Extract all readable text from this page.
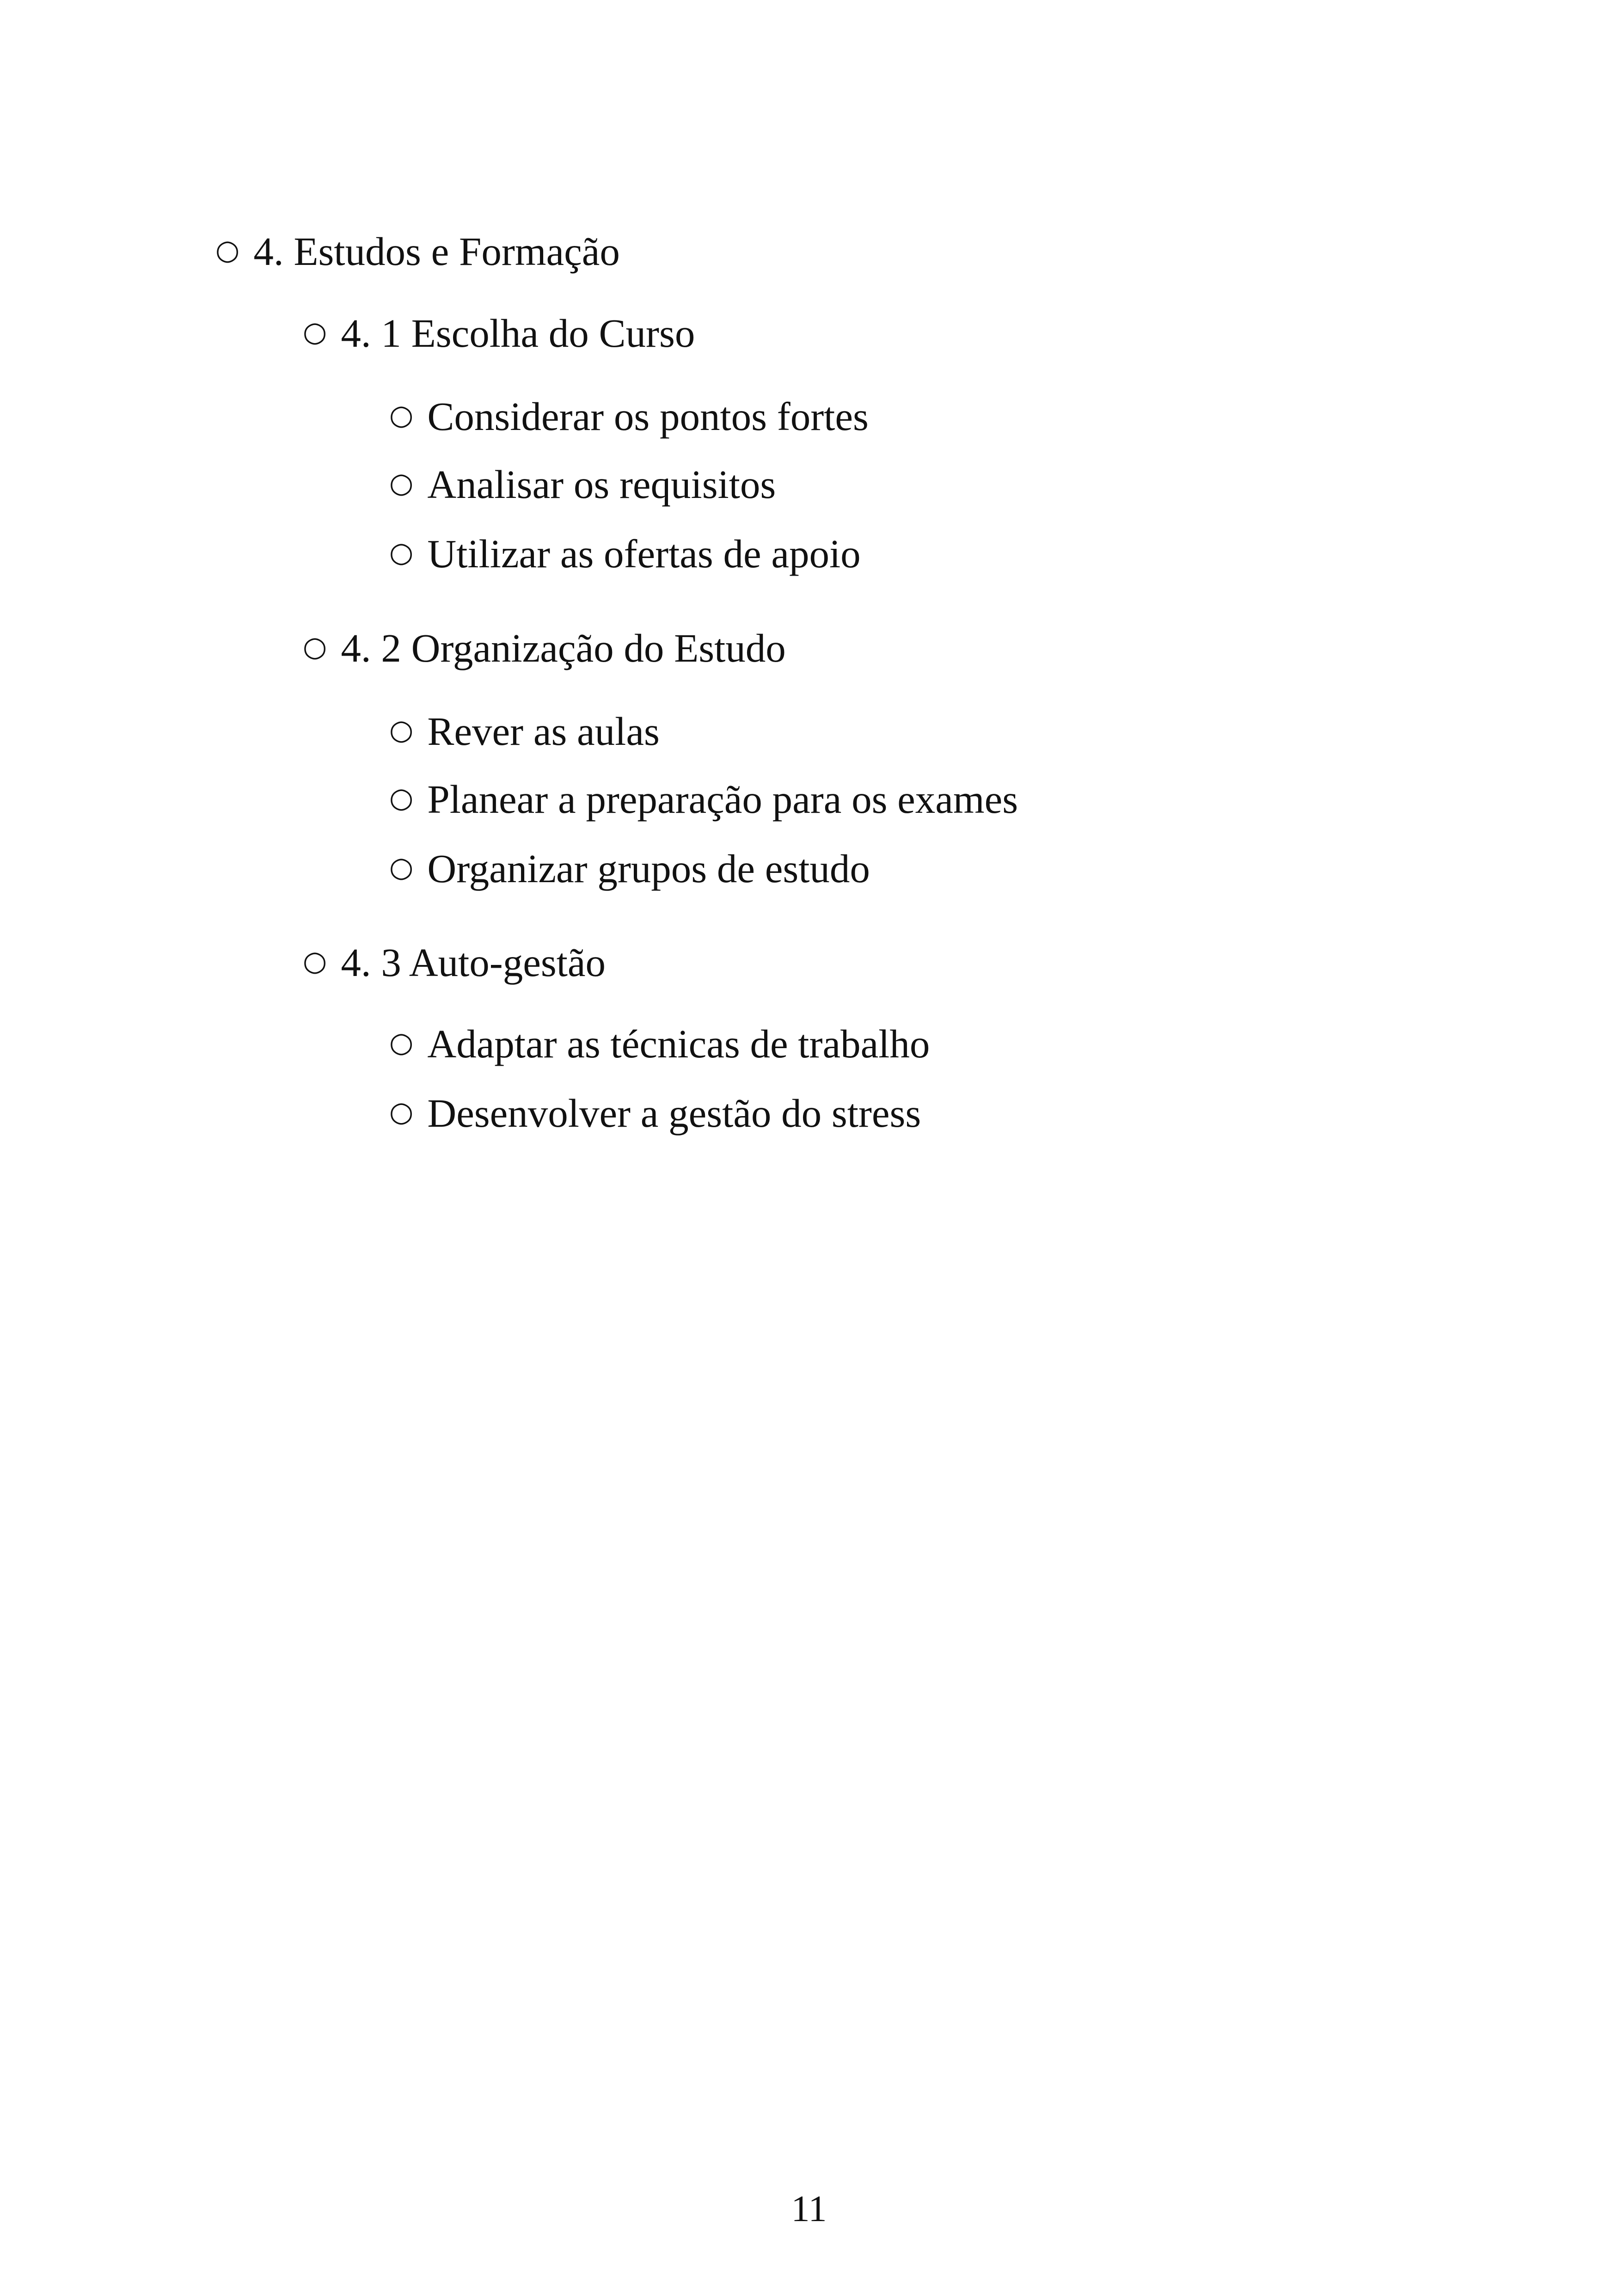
○ 4. Estudos e Formação
○ 4. 1 Escolha do Curso
○ Considerar os pontos fortes
○ Analisar os requisitos
○ Utilizar as ofertas de apoio
○ 4. 2 Organização do Estudo
○ Rever as aulas
○ Planear a preparação para os exames
○ Organizar grupos de estudo
○ 4. 3 Auto-gestão
○ Adaptar as técnicas de trabalho
○ Desenvolver a gestão do stress
11
